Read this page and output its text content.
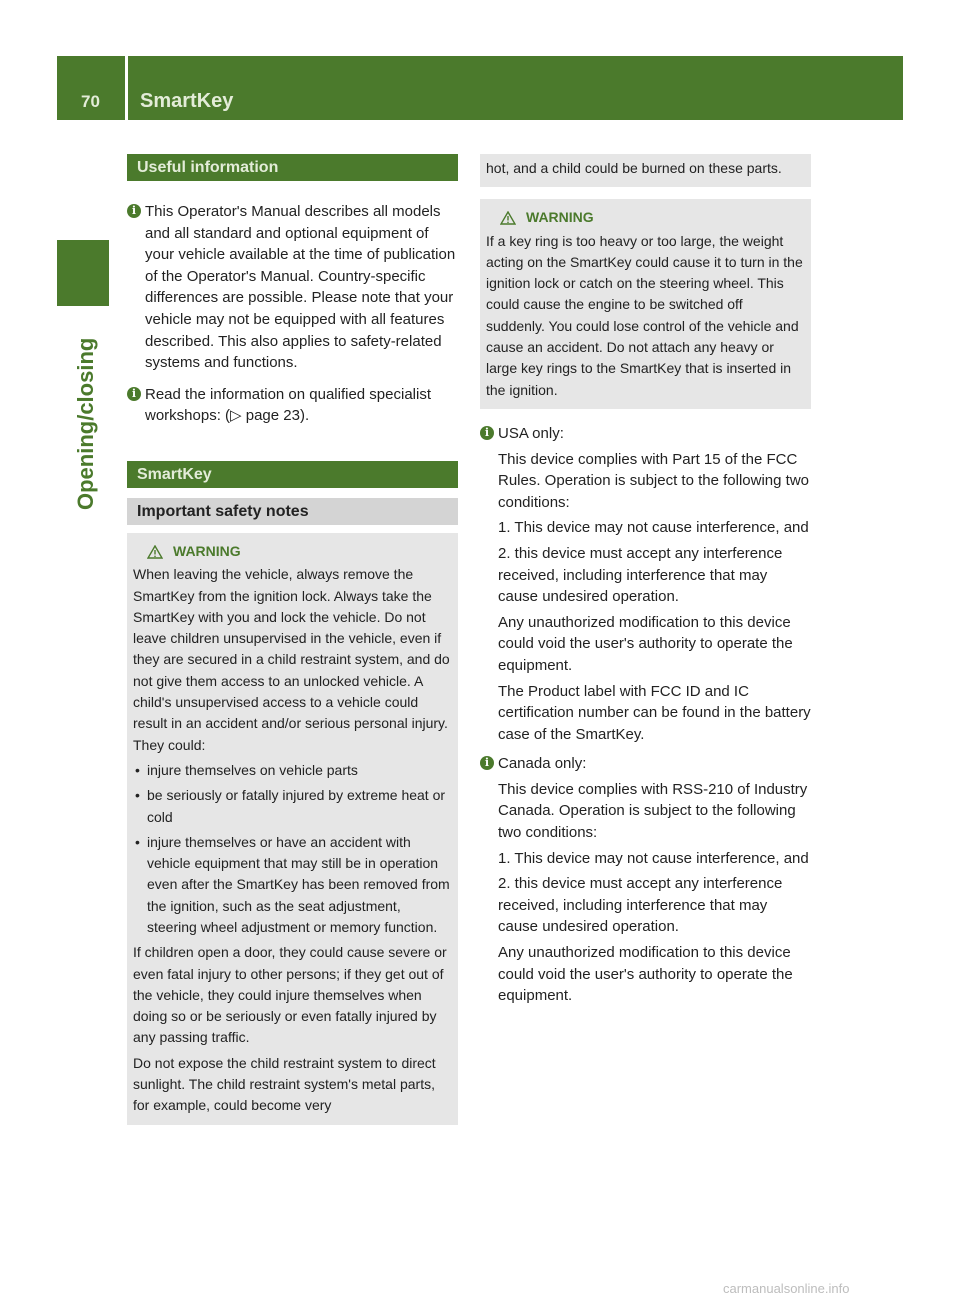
70 SmartKey
Opening/closing
Useful information
i This Operator's Manual describes all models and all standard and optional equipment of your vehicle available at the time of publication of the Operator's Manual. Country-specific differences are possible. Please note that your vehicle may not be equipped with all features described. This also applies to safety-related systems and functions.

i Read the information on qualified specialist workshops: (▷ page 23).

SmartKey
Important safety notes
WARNING

When leaving the vehicle, always remove the SmartKey from the ignition lock. Always take the SmartKey with you and lock the vehicle. Do not leave children unsupervised in the vehicle, even if they are secured in a child restraint system, and do not give them access to an unlocked vehicle. A child's unsupervised access to a vehicle could result in an accident and/or serious personal injury. They could:

• injure themselves on vehicle parts
• be seriously or fatally injured by extreme heat or cold
• injure themselves or have an accident with vehicle equipment that may still be in operation even after the SmartKey has been removed from the ignition, such as the seat adjustment, steering wheel adjustment or memory function.

If children open a door, they could cause severe or even fatal injury to other persons; if they get out of the vehicle, they could injure themselves when doing so or be seriously or even fatally injured by any passing traffic.

Do not expose the child restraint system to direct sunlight. The child restraint system's metal parts, for example, could become very

hot, and a child could be burned on these parts.

WARNING

If a key ring is too heavy or too large, the weight acting on the SmartKey could cause it to turn in the ignition lock or catch on the steering wheel. This could cause the engine to be switched off suddenly. You could lose control of the vehicle and cause an accident. Do not attach any heavy or large key rings to the SmartKey that is inserted in the ignition.

i USA only:

This device complies with Part 15 of the FCC Rules. Operation is subject to the following two conditions:

1. This device may not cause interference, and

2. this device must accept any interference received, including interference that may cause undesired operation.

Any unauthorized modification to this device could void the user's authority to operate the equipment.

The Product label with FCC ID and IC certification number can be found in the battery case of the SmartKey.

i Canada only:

This device complies with RSS-210 of Industry Canada. Operation is subject to the following two conditions:

1. This device may not cause interference, and

2. this device must accept any interference received, including interference that may cause undesired operation.

Any unauthorized modification to this device could void the user's authority to operate the equipment.

carmanualsonline.info
